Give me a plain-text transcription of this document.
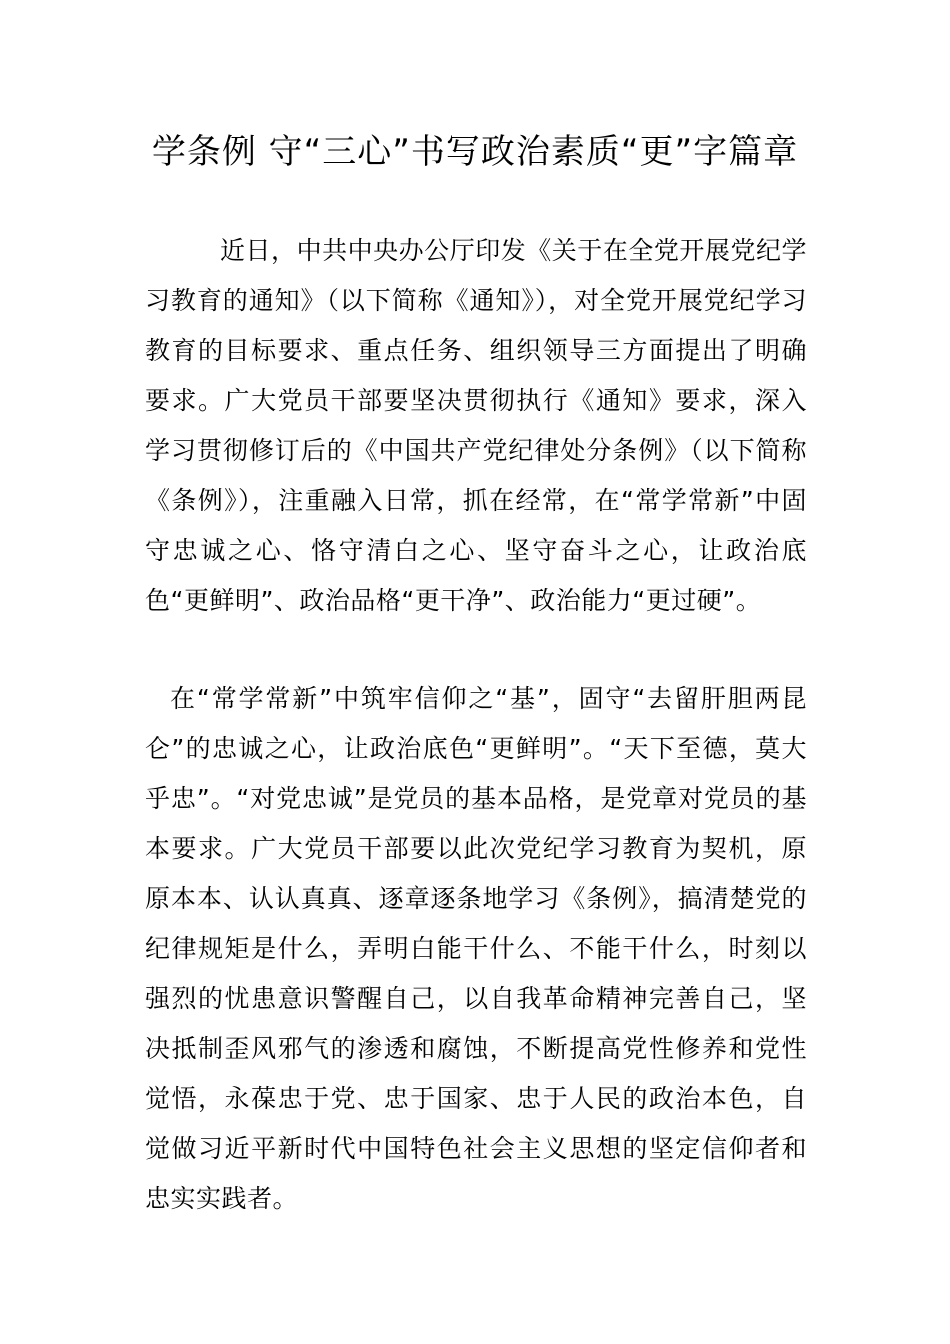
学条例 守“三心”书写政治素质“更”字篇章

近日，中共中央办公厅印发《关于在全党开展党纪学习教育的通知》（以下简称《通知》），对全党开展党纪学习教育的目标要求、重点任务、组织领导三方面提出了明确要求。广大党员干部要坚决贯彻执行《通知》要求，深入学习贯彻修订后的《中国共产党纪律处分条例》（以下简称《条例》），注重融入日常，抓在经常，在“常学常新”中固守忠诚之心、恪守清白之心、坚守奋斗之心，让政治底色“更鲜明”、政治品格“更干净”、政治能力“更过硬”。

在“常学常新”中筑牢信仰之“基”，固守“去留肝胆两昆仑”的忠诚之心，让政治底色“更鲜明”。“天下至德，莫大乎忠”。“对党忠诚”是党员的基本品格，是党章对党员的基本要求。广大党员干部要以此次党纪学习教育为契机，原原本本、认认真真、逐章逐条地学习《条例》，搞清楚党的纪律规矩是什么，弄明白能干什么、不能干什么，时刻以强烈的忧患意识警醒自己，以自我革命精神完善自己，坚决抵制歪风邪气的渗透和腐蚀，不断提高党性修养和党性觉悟，永葆忠于党、忠于国家、忠于人民的政治本色，自觉做习近平新时代中国特色社会主义思想的坚定信仰者和忠实实践者。
